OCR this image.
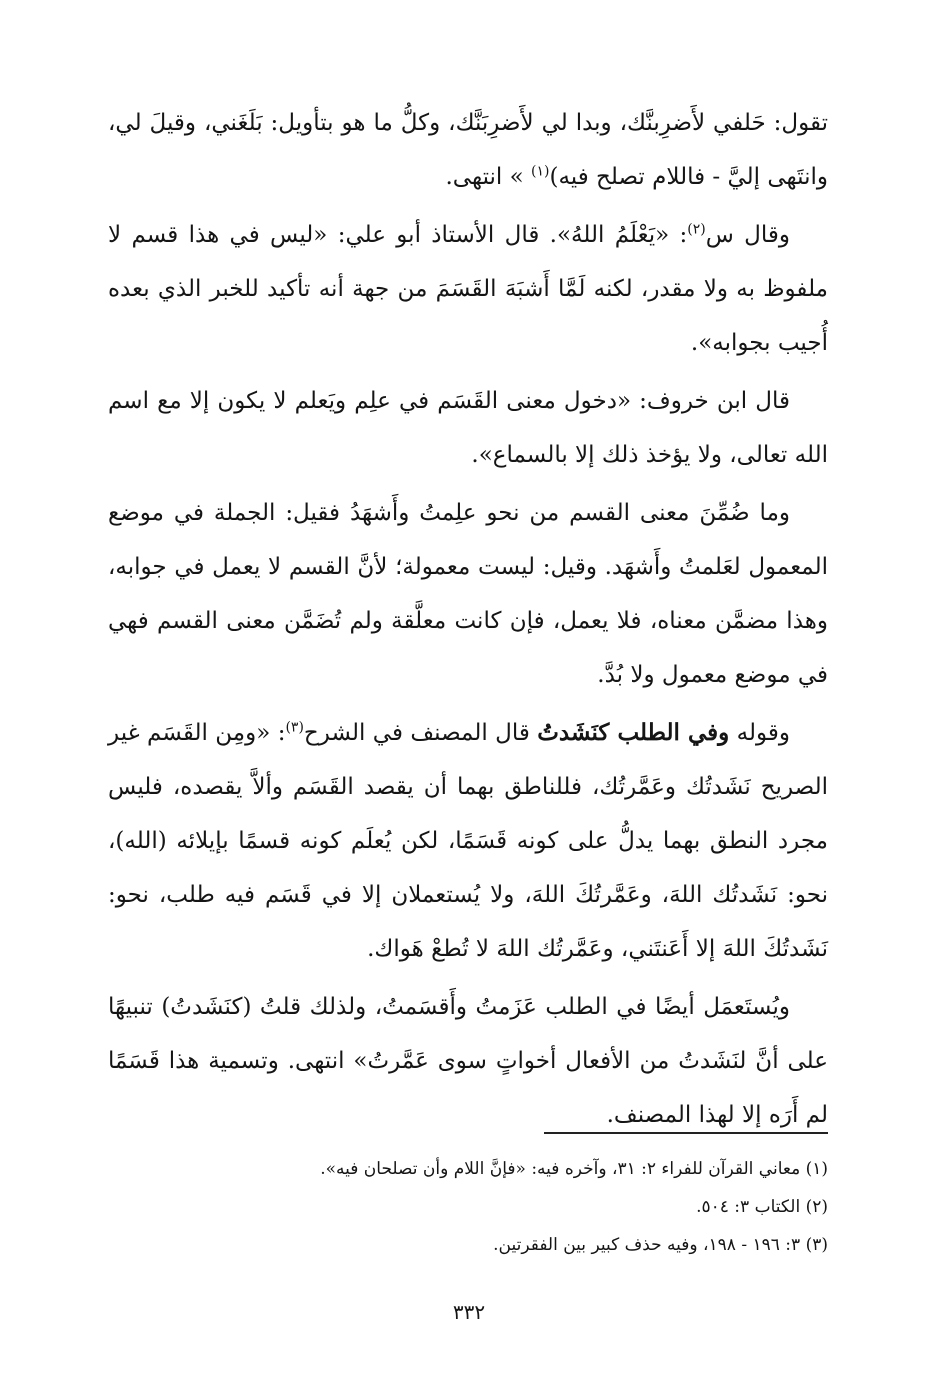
تقول: حَلفي لأَضرِبنَّك، وبدا لي لأَضرِبَنَّك، وكلُّ ما هو بتأويل: بَلَغَني، وقيلَ لي، وانتَهى إليَّ - فاللام تصلح فيه)$^{(١)}$ » انتهى.

وقال س$^{(٢)}$: «يَعْلَمُ اللهُ». قال الأستاذ أبو علي: «ليس في هذا قسم لا ملفوظ به ولا مقدر، لكنه لَمَّا أَشبَهَ القَسَمَ من جهة أنه تأكيد للخبر الذي بعده أُجيب بجوابه».

قال ابن خروف: «دخول معنى القَسَم في علِم ويَعلم لا يكون إلا مع اسم الله تعالى، ولا يؤخذ ذلك إلا بالسماع».

وما ضُمِّنَ معنى القسم من نحو علِمتُ وأَشهَدُ فقيل: الجملة في موضع المعمول لعَلمتُ وأَشهَد. وقيل: ليست معمولة؛ لأنَّ القسم لا يعمل في جوابه، وهذا مضمَّن معناه، فلا يعمل، فإن كانت معلَّقة ولم تُضَمَّن معنى القسم فهي في موضع معمول ولا بُدَّ.

وقوله وفي الطلب كنَشَدتُ قال المصنف في الشرح$^{(٣)}$: «ومِن القَسَم غير الصريح نَشَدتُك وعَمَّرتُك، فللناطق بهما أن يقصد القَسَم وألاَّ يقصده، فليس مجرد النطق بهما يدلُّ على كونه قَسَمًا، لكن يُعلَم كونه قسمًا بإيلائه (الله)، نحو: نَشَدتُك اللهَ، وعَمَّرتُكَ اللهَ، ولا يُستعملان إلا في قَسَم فيه طلب، نحو: نَشَدتُكَ اللهَ إلا أَعَنتَني، وعَمَّرتُك اللهَ لا تُطعْ هَواك.

ويُستَعمَل أيضًا في الطلب عَزَمتُ وأَقسَمتُ، ولذلك قلتُ (كنَشَدتُ) تنبيهًا على أنَّ لنَشَدتُ من الأفعال أخواتٍ سوى عَمَّرتُ» انتهى. وتسمية هذا قَسَمًا لم أَرَه إلا لهذا المصنف.

(١) معاني القرآن للفراء ٢: ٣١، وآخره فيه: «فإنَّ اللام وأن تصلحان فيه».

(٢) الكتاب ٣: ٥٠٤.

(٣) ٣: ١٩٦ - ١٩٨، وفيه حذف كبير بين الفقرتين.

٣٣٢
